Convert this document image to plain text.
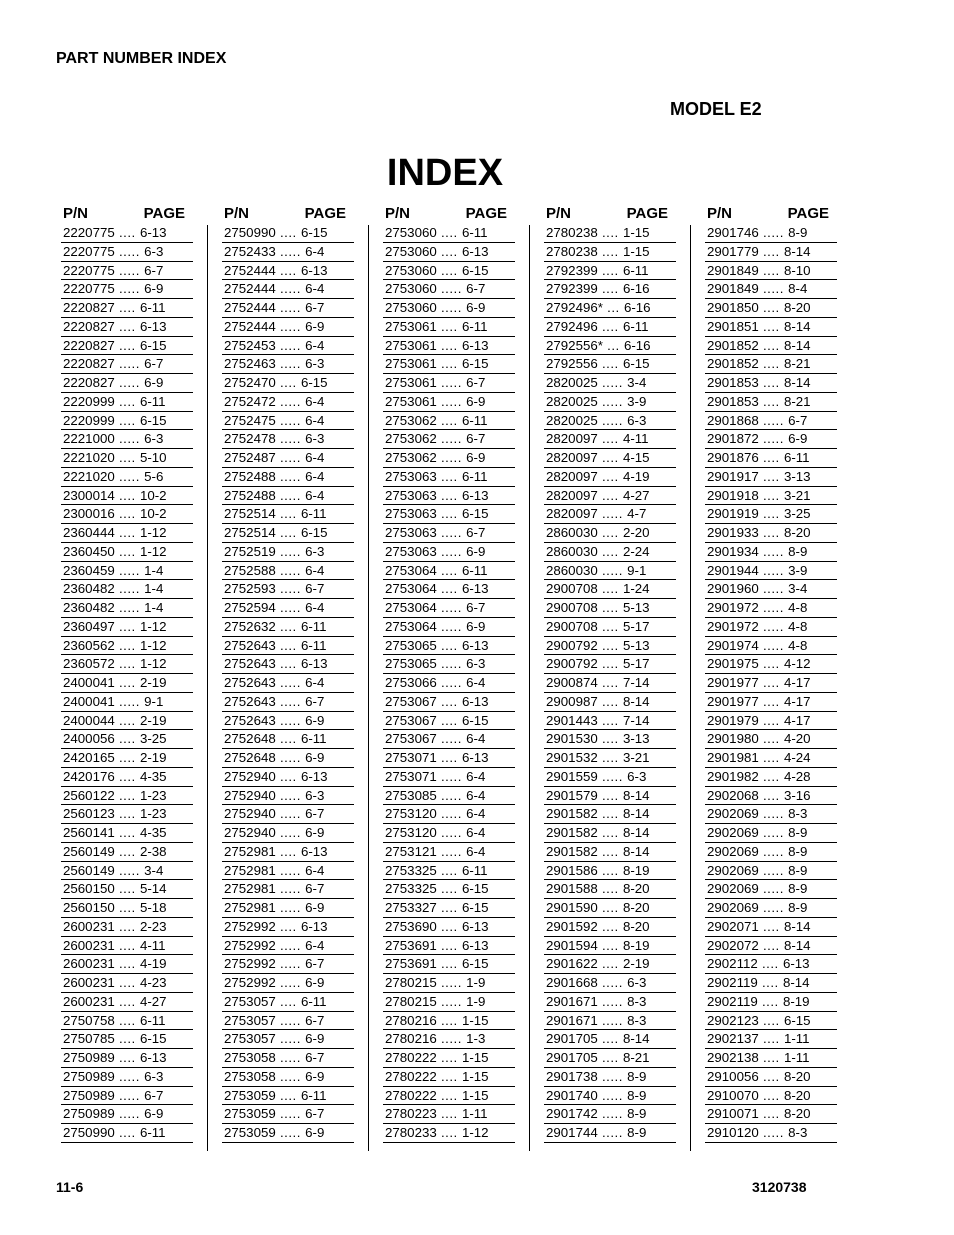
PART NUMBER INDEX
MODEL E2
INDEX
P/N	PAGE
2220775 .... 6-13
2220775 ..... 6-3
2220775 ..... 6-7
2220775 ..... 6-9
2220827 .... 6-11
2220827 .... 6-13
2220827 .... 6-15
2220827 ..... 6-7
2220827 ..... 6-9
2220999 .... 6-11
2220999 .... 6-15
2221000 ..... 6-3
2221020 .... 5-10
2221020 ..... 5-6
2300014 .... 10-2
2300016 .... 10-2
2360444 .... 1-12
2360450 .... 1-12
2360459 ..... 1-4
2360482 ..... 1-4
2360482 ..... 1-4
2360497 .... 1-12
2360562 .... 1-12
2360572 .... 1-12
2400041 .... 2-19
2400041 ..... 9-1
2400044 .... 2-19
2400056 .... 3-25
2420165 .... 2-19
2420176 .... 4-35
2560122 .... 1-23
2560123 .... 1-23
2560141 .... 4-35
2560149 .... 2-38
2560149 ..... 3-4
2560150 .... 5-14
2560150 .... 5-18
2600231 .... 2-23
2600231 .... 4-11
2600231 .... 4-19
2600231 .... 4-23
2600231 .... 4-27
2750758 .... 6-11
2750785 .... 6-15
2750989 .... 6-13
2750989 ..... 6-3
2750989 ..... 6-7
2750989 ..... 6-9
2750990 .... 6-11
P/N	PAGE
2750990 .... 6-15
2752433 ..... 6-4
2752444 .... 6-13
2752444 ..... 6-4
2752444 ..... 6-7
2752444 ..... 6-9
2752453 ..... 6-4
2752463 ..... 6-3
2752470 .... 6-15
2752472 ..... 6-4
2752475 ..... 6-4
2752478 ..... 6-3
2752487 ..... 6-4
2752488 ..... 6-4
2752488 ..... 6-4
2752514 .... 6-11
2752514 .... 6-15
2752519 ..... 6-3
2752588 ..... 6-4
2752593 ..... 6-7
2752594 ..... 6-4
2752632 .... 6-11
2752643 .... 6-11
2752643 .... 6-13
2752643 ..... 6-4
2752643 ..... 6-7
2752643 ..... 6-9
2752648 .... 6-11
2752648 ..... 6-9
2752940 .... 6-13
2752940 ..... 6-3
2752940 ..... 6-7
2752940 ..... 6-9
2752981 .... 6-13
2752981 ..... 6-4
2752981 ..... 6-7
2752981 ..... 6-9
2752992 .... 6-13
2752992 ..... 6-4
2752992 ..... 6-7
2752992 ..... 6-9
2753057 .... 6-11
2753057 ..... 6-7
2753057 ..... 6-9
2753058 ..... 6-7
2753058 ..... 6-9
2753059 .... 6-11
2753059 ..... 6-7
2753059 ..... 6-9
P/N	PAGE
2753060 .... 6-11
2753060 .... 6-13
2753060 .... 6-15
2753060 ..... 6-7
2753060 ..... 6-9
2753061 .... 6-11
2753061 .... 6-13
2753061 .... 6-15
2753061 ..... 6-7
2753061 ..... 6-9
2753062 .... 6-11
2753062 ..... 6-7
2753062 ..... 6-9
2753063 .... 6-11
2753063 .... 6-13
2753063 .... 6-15
2753063 ..... 6-7
2753063 ..... 6-9
2753064 .... 6-11
2753064 .... 6-13
2753064 ..... 6-7
2753064 ..... 6-9
2753065 .... 6-13
2753065 ..... 6-3
2753066 ..... 6-4
2753067 .... 6-13
2753067 .... 6-15
2753067 ..... 6-4
2753071 .... 6-13
2753071 ..... 6-4
2753085 ..... 6-4
2753120 ..... 6-4
2753120 ..... 6-4
2753121 ..... 6-4
2753325 .... 6-11
2753325 .... 6-15
2753327 .... 6-15
2753690 .... 6-13
2753691 .... 6-13
2753691 .... 6-15
2780215 ..... 1-9
2780215 ..... 1-9
2780216 .... 1-15
2780216 ..... 1-3
2780222 .... 1-15
2780222 .... 1-15
2780222 .... 1-15
2780223 .... 1-11
2780233 .... 1-12
P/N	PAGE
2780238 .... 1-15
2780238 .... 1-15
2792399 .... 6-11
2792399 .... 6-16
2792496* ... 6-16
2792496 .... 6-11
2792556* ... 6-16
2792556 .... 6-15
2820025 ..... 3-4
2820025 ..... 3-9
2820025 ..... 6-3
2820097 .... 4-11
2820097 .... 4-15
2820097 .... 4-19
2820097 .... 4-27
2820097 ..... 4-7
2860030 .... 2-20
2860030 .... 2-24
2860030 ..... 9-1
2900708 .... 1-24
2900708 .... 5-13
2900708 .... 5-17
2900792 .... 5-13
2900792 .... 5-17
2900874 .... 7-14
2900987 .... 8-14
2901443 .... 7-14
2901530 .... 3-13
2901532 .... 3-21
2901559 ..... 6-3
2901579 .... 8-14
2901582 .... 8-14
2901582 .... 8-14
2901582 .... 8-14
2901586 .... 8-19
2901588 .... 8-20
2901590 .... 8-20
2901592 .... 8-20
2901594 .... 8-19
2901622 .... 2-19
2901668 ..... 6-3
2901671 ..... 8-3
2901671 ..... 8-3
2901705 .... 8-14
2901705 .... 8-21
2901738 ..... 8-9
2901740 ..... 8-9
2901742 ..... 8-9
2901744 ..... 8-9
P/N	PAGE
2901746 ..... 8-9
2901779 .... 8-14
2901849 .... 8-10
2901849 ..... 8-4
2901850 .... 8-20
2901851 .... 8-14
2901852 .... 8-14
2901852 .... 8-21
2901853 .... 8-14
2901853 .... 8-21
2901868 ..... 6-7
2901872 ..... 6-9
2901876 .... 6-11
2901917 .... 3-13
2901918 .... 3-21
2901919 .... 3-25
2901933 .... 8-20
2901934 ..... 8-9
2901944 ..... 3-9
2901960 ..... 3-4
2901972 ..... 4-8
2901972 ..... 4-8
2901974 ..... 4-8
2901975 .... 4-12
2901977 .... 4-17
2901977 .... 4-17
2901979 .... 4-17
2901980 .... 4-20
2901981 .... 4-24
2901982 .... 4-28
2902068 .... 3-16
2902069 ..... 8-3
2902069 ..... 8-9
2902069 ..... 8-9
2902069 ..... 8-9
2902069 ..... 8-9
2902069 ..... 8-9
2902071 .... 8-14
2902072 .... 8-14
2902112 .... 6-13
2902119 .... 8-14
2902119 .... 8-19
2902123 .... 6-15
2902137 .... 1-11
2902138 .... 1-11
2910056 .... 8-20
2910070 .... 8-20
2910071 .... 8-20
2910120 ..... 8-3
11-6	3120738
